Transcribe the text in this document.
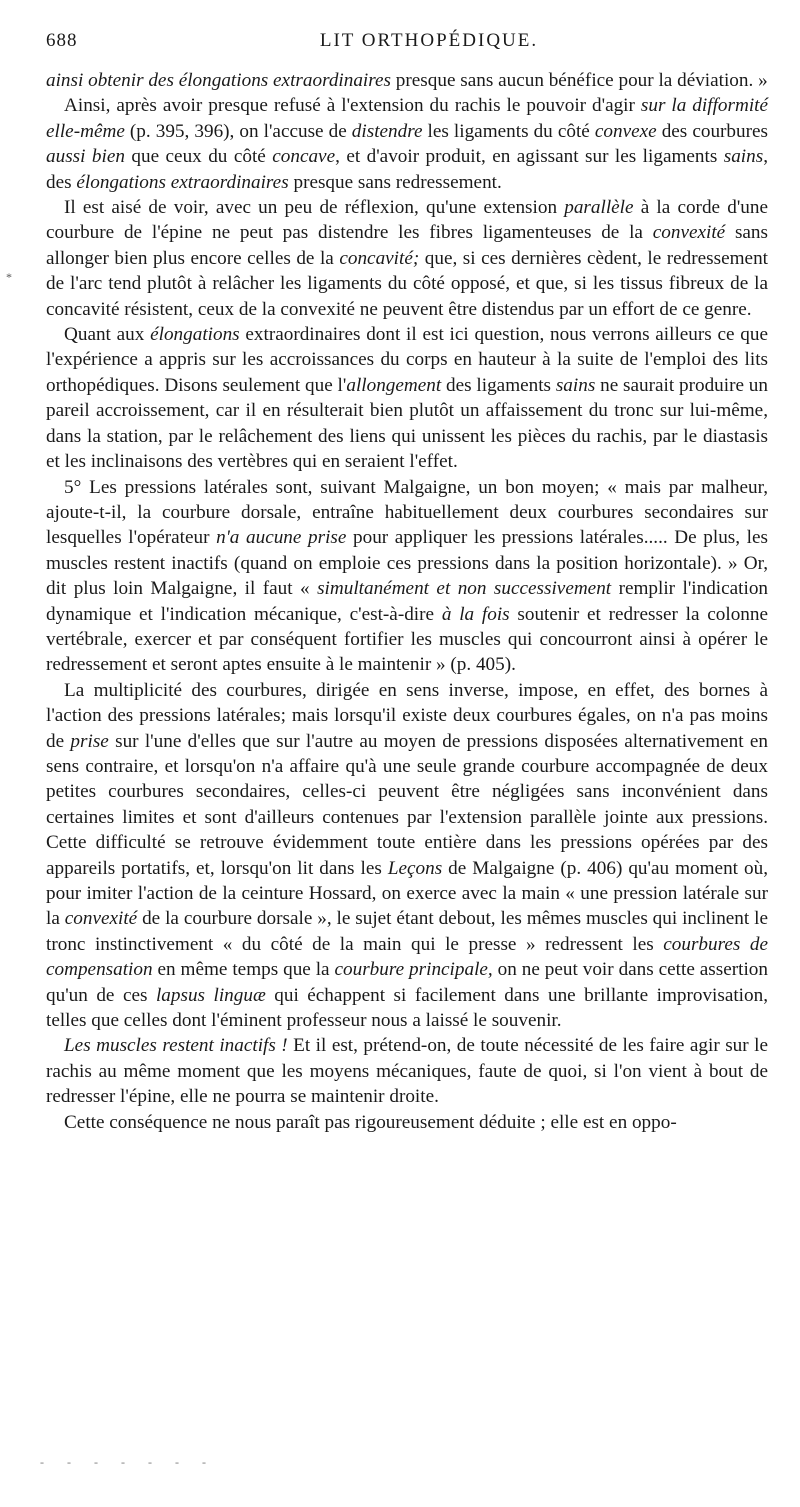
688	LIT ORTHOPÉDIQUE.
*

ainsi obtenir des élongations extraordinaires presque sans aucun bénéfice pour la déviation. »

Ainsi, après avoir presque refusé à l'extension du rachis le pouvoir d'agir sur la difformité elle-même (p. 395, 396), on l'accuse de distendre les ligaments du côté convexe des courbures aussi bien que ceux du côté concave, et d'avoir produit, en agissant sur les ligaments sains, des élongations extraordinaires presque sans redressement.

Il est aisé de voir, avec un peu de réflexion, qu'une extension parallèle à la corde d'une courbure de l'épine ne peut pas distendre les fibres ligamenteuses de la convexité sans allonger bien plus encore celles de la concavité; que, si ces dernières cèdent, le redressement de l'arc tend plutôt à relâcher les ligaments du côté opposé, et que, si les tissus fibreux de la concavité résistent, ceux de la convexité ne peuvent être distendus par un effort de ce genre.

Quant aux élongations extraordinaires dont il est ici question, nous verrons ailleurs ce que l'expérience a appris sur les accroissances du corps en hauteur à la suite de l'emploi des lits orthopédiques. Disons seulement que l'allongement des ligaments sains ne saurait produire un pareil accroissement, car il en résulterait bien plutôt un affaissement du tronc sur lui-même, dans la station, par le relâchement des liens qui unissent les pièces du rachis, par le diastasis et les inclinaisons des vertèbres qui en seraient l'effet.

5° Les pressions latérales sont, suivant Malgaigne, un bon moyen; « mais par malheur, ajoute-t-il, la courbure dorsale, entraîne habituellement deux courbures secondaires sur lesquelles l'opérateur n'a aucune prise pour appliquer les pressions latérales..... De plus, les muscles restent inactifs (quand on emploie ces pressions dans la position horizontale). » Or, dit plus loin Malgaigne, il faut « simultanément et non successivement remplir l'indication dynamique et l'indication mécanique, c'est-à-dire à la fois soutenir et redresser la colonne vertébrale, exercer et par conséquent fortifier les muscles qui concourront ainsi à opérer le redressement et seront aptes ensuite à le maintenir » (p. 405).

La multiplicité des courbures, dirigée en sens inverse, impose, en effet, des bornes à l'action des pressions latérales; mais lorsqu'il existe deux courbures égales, on n'a pas moins de prise sur l'une d'elles que sur l'autre au moyen de pressions disposées alternativement en sens contraire, et lorsqu'on n'a affaire qu'à une seule grande courbure accompagnée de deux petites courbures secondaires, celles-ci peuvent être négligées sans inconvénient dans certaines limites et sont d'ailleurs contenues par l'extension parallèle jointe aux pressions. Cette difficulté se retrouve évidemment toute entière dans les pressions opérées par des appareils portatifs, et, lorsqu'on lit dans les Leçons de Malgaigne (p. 406) qu'au moment où, pour imiter l'action de la ceinture Hossard, on exerce avec la main « une pression latérale sur la convexité de la courbure dorsale », le sujet étant debout, les mêmes muscles qui inclinent le tronc instinctivement « du côté de la main qui le presse » redressent les courbures de compensation en même temps que la courbure principale, on ne peut voir dans cette assertion qu'un de ces lapsus linguæ qui échappent si facilement dans une brillante improvisation, telles que celles dont l'éminent professeur nous a laissé le souvenir.

Les muscles restent inactifs ! Et il est, prétend-on, de toute nécessité de les faire agir sur le rachis au même moment que les moyens mécaniques, faute de quoi, si l'on vient à bout de redresser l'épine, elle ne pourra se maintenir droite.

Cette conséquence ne nous paraît pas rigoureusement déduite ; elle est en oppo-

- - - - - - -
